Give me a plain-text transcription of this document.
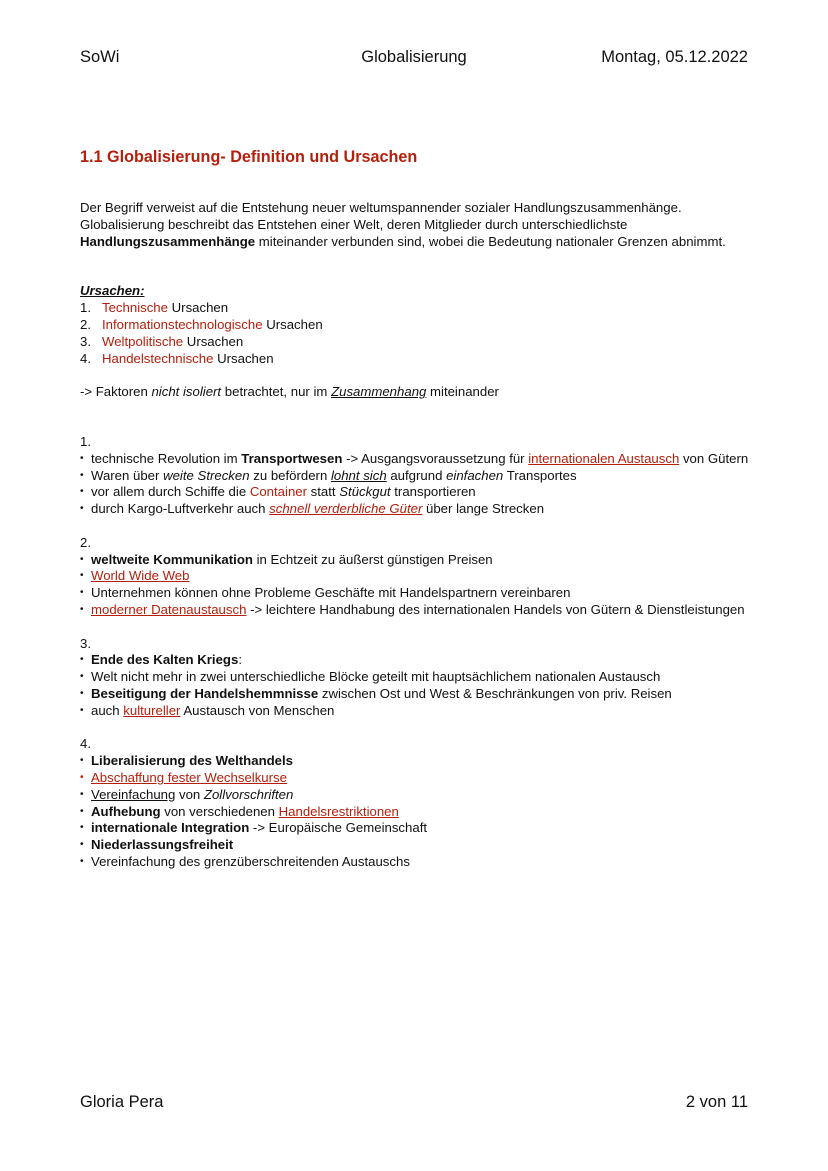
SoWi	Globalisierung	Montag, 05.12.2022
1.1 Globalisierung- Definition und Ursachen

Der Begriff verweist auf die Entstehung neuer weltumspannender sozialer Handlungszusammenhänge. Globalisierung beschreibt das Entstehen einer Welt, deren Mitglieder durch unterschiedlichste Handlungszusammenhänge miteinander verbunden sind, wobei die Bedeutung nationaler Grenzen abnimmt.

Ursachen:
1. Technische Ursachen
2. Informationstechnologische Ursachen
3. Weltpolitische Ursachen
4. Handelstechnische Ursachen

-> Faktoren nicht isoliert betrachtet, nur im Zusammenhang miteinander

1.
• technische Revolution im Transportwesen -> Ausgangsvoraussetzung für internationalen Austausch von Gütern
• Waren über weite Strecken zu befördern lohnt sich aufgrund einfachen Transportes
• vor allem durch Schiffe die Container statt Stückgut transportieren
• durch Kargo-Luftverkehr auch schnell verderbliche Güter über lange Strecken
2.
• weltweite Kommunikation in Echtzeit zu äußerst günstigen Preisen
• World Wide Web
• Unternehmen können ohne Probleme Geschäfte mit Handelspartnern vereinbaren
• moderner Datenaustausch -> leichtere Handhabung des internationalen Handels von Gütern & Dienstleistungen
3.
• Ende des Kalten Kriegs:
• Welt nicht mehr in zwei unterschiedliche Blöcke geteilt mit hauptsächlichem nationalen Austausch
• Beseitigung der Handelshemmnisse zwischen Ost und West & Beschränkungen von priv. Reisen
• auch kultureller Austausch von Menschen
4.
• Liberalisierung des Welthandels
• Abschaffung fester Wechselkurse
• Vereinfachung von Zollvorschriften
• Aufhebung von verschiedenen Handelsrestriktionen
• internationale Integration -> Europäische Gemeinschaft
• Niederlassungsfreiheit
• Vereinfachung des grenzüberschreitenden Austauschs
Gloria Pera	2 von 11
